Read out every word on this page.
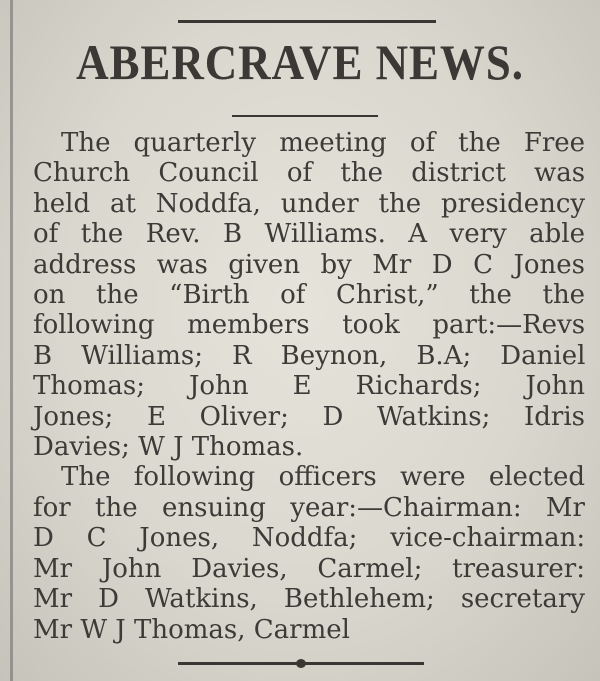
ABERCRAVE NEWS.
The quarterly meeting of the Free
Church Council of the district was
held at Noddfa, under the presidency
of the Rev. B Williams. A very able
address was given by Mr D C Jones
on the “Birth of Christ,” the the
following members took part:—Revs
B Williams; R Beynon, B.A; Daniel
Thomas; John E Richards; John
Jones; E Oliver; D Watkins; Idris
Davies; W J Thomas.
The following officers were elected
for the ensuing year:—Chairman: Mr
D C Jones, Noddfa; vice-chairman:
Mr John Davies, Carmel; treasurer:
Mr D Watkins, Bethlehem; secretary
Mr W J Thomas, Carmel
